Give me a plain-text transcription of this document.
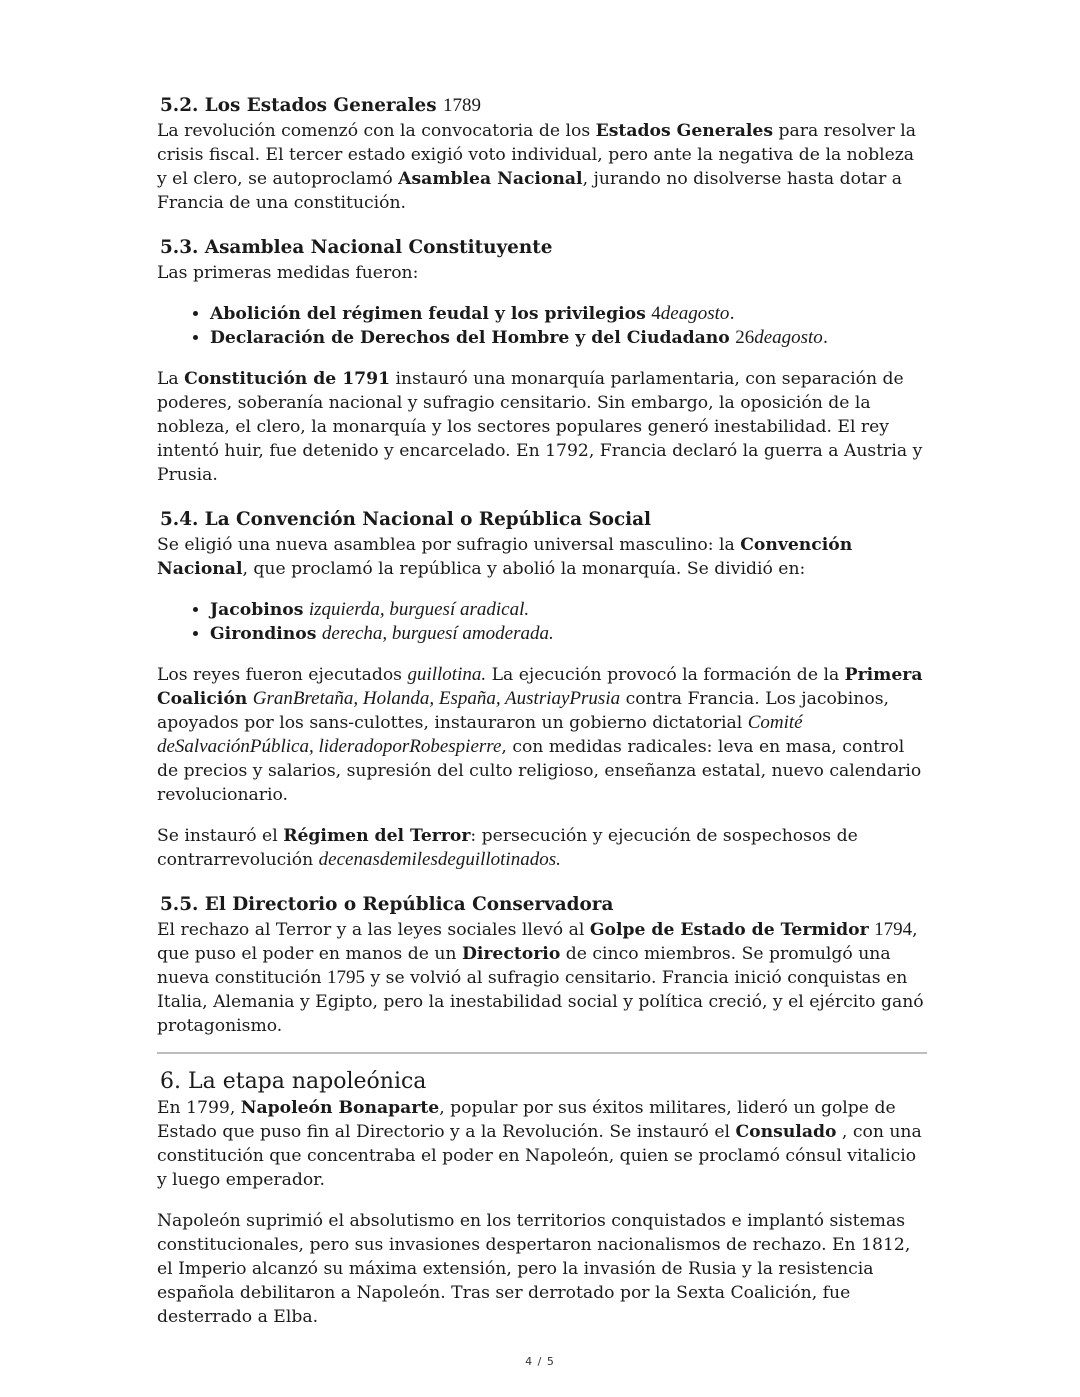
5.2. Los Estados Generales 1789

La revolución comenzó con la convocatoria de los Estados Generales para resolver la crisis fiscal. El tercer estado exigió voto individual, pero ante la negativa de la nobleza y el clero, se autoproclamó Asamblea Nacional, jurando no disolverse hasta dotar a Francia de una constitución.

5.3. Asamblea Nacional Constituyente

Las primeras medidas fueron:

• Abolición del régimen feudal y los privilegios 4deagosto.
• Declaración de Derechos del Hombre y del Ciudadano 26deagosto.

La Constitución de 1791 instauró una monarquía parlamentaria, con separación de poderes, soberanía nacional y sufragio censitario. Sin embargo, la oposición de la nobleza, el clero, la monarquía y los sectores populares generó inestabilidad. El rey intentó huir, fue detenido y encarcelado. En 1792, Francia declaró la guerra a Austria y Prusia.

5.4. La Convención Nacional o República Social

Se eligió una nueva asamblea por sufragio universal masculino: la Convención Nacional, que proclamó la república y abolió la monarquía. Se dividió en:

• Jacobinos izquierda, burguesí aradical.
• Girondinos derecha, burguesí amoderada.

Los reyes fueron ejecutados guillotina. La ejecución provocó la formación de la Primera Coalición GranBretaña, Holanda, España, AustriayPrusia contra Francia. Los jacobinos, apoyados por los sans-culottes, instauraron un gobierno dictatorial Comité deSalvaciónPública, lideradoporRobespierre, con medidas radicales: leva en masa, control de precios y salarios, supresión del culto religioso, enseñanza estatal, nuevo calendario revolucionario.

Se instauró el Régimen del Terror: persecución y ejecución de sospechosos de contrarrevolución decenasdemilesdeguillotinados.

5.5. El Directorio o República Conservadora

El rechazo al Terror y a las leyes sociales llevó al Golpe de Estado de Termidor 1794, que puso el poder en manos de un Directorio de cinco miembros. Se promulgó una nueva constitución 1795 y se volvió al sufragio censitario. Francia inició conquistas en Italia, Alemania y Egipto, pero la inestabilidad social y política creció, y el ejército ganó protagonismo.

6. La etapa napoleónica

En 1799, Napoleón Bonaparte, popular por sus éxitos militares, lideró un golpe de Estado que puso fin al Directorio y a la Revolución. Se instauró el Consulado , con una constitución que concentraba el poder en Napoleón, quien se proclamó cónsul vitalicio y luego emperador.

Napoleón suprimió el absolutismo en los territorios conquistados e implantó sistemas constitucionales, pero sus invasiones despertaron nacionalismos de rechazo. En 1812, el Imperio alcanzó su máxima extensión, pero la invasión de Rusia y la resistencia española debilitaron a Napoleón. Tras ser derrotado por la Sexta Coalición, fue desterrado a Elba.

4 / 5
